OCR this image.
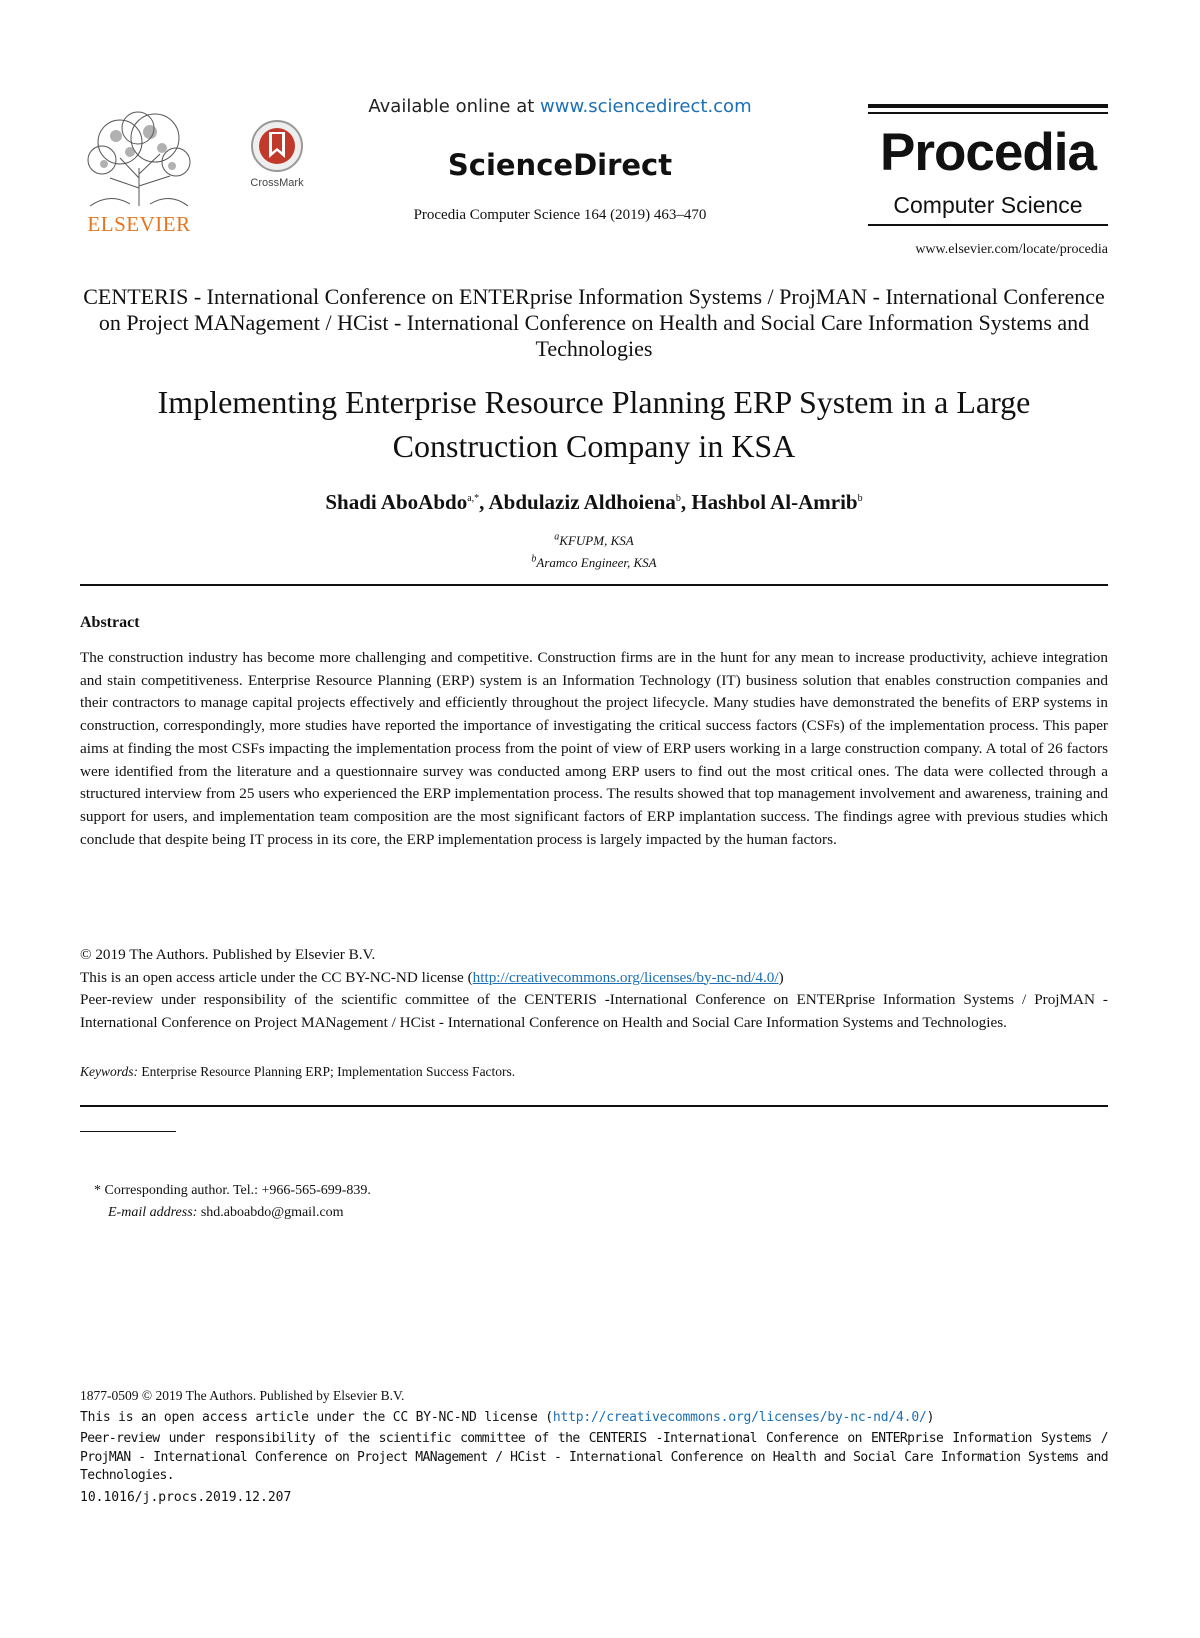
ELSEVIER
CrossMark
Available online at www.sciencedirect.com
ScienceDirect
Procedia Computer Science 164 (2019) 463–470
Procedia
Computer Science
www.elsevier.com/locate/procedia
CENTERIS - International Conference on ENTERprise Information Systems / ProjMAN - International Conference on Project MANagement / HCist - International Conference on Health and Social Care Information Systems and Technologies
Implementing Enterprise Resource Planning ERP System in a Large Construction Company in KSA
Shadi AboAbdo$^{a,*}$, Abdulaziz Aldhoiena$^b$, Hashbol Al-Amrib$^b$
$^a$KFUPM, KSA
$^b$Aramco Engineer, KSA
Abstract
The construction industry has become more challenging and competitive. Construction firms are in the hunt for any mean to increase productivity, achieve integration and stain competitiveness. Enterprise Resource Planning (ERP) system is an Information Technology (IT) business solution that enables construction companies and their contractors to manage capital projects effectively and efficiently throughout the project lifecycle. Many studies have demonstrated the benefits of ERP systems in construction, correspondingly, more studies have reported the importance of investigating the critical success factors (CSFs) of the implementation process. This paper aims at finding the most CSFs impacting the implementation process from the point of view of ERP users working in a large construction company. A total of 26 factors were identified from the literature and a questionnaire survey was conducted among ERP users to find out the most critical ones. The data were collected through a structured interview from 25 users who experienced the ERP implementation process. The results showed that top management involvement and awareness, training and support for users, and implementation team composition are the most significant factors of ERP implantation success. The findings agree with previous studies which conclude that despite being IT process in its core, the ERP implementation process is largely impacted by the human factors.
© 2019 The Authors. Published by Elsevier B.V.
This is an open access article under the CC BY-NC-ND license (http://creativecommons.org/licenses/by-nc-nd/4.0/)
Peer-review under responsibility of the scientific committee of the CENTERIS -International Conference on ENTERprise Information Systems / ProjMAN - International Conference on Project MANagement / HCist - International Conference on Health and Social Care Information Systems and Technologies.
Keywords: Enterprise Resource Planning ERP; Implementation Success Factors.
* Corresponding author. Tel.: +966-565-699-839.
E-mail address: shd.aboabdo@gmail.com
1877-0509 © 2019 The Authors. Published by Elsevier B.V.
This is an open access article under the CC BY-NC-ND license (http://creativecommons.org/licenses/by-nc-nd/4.0/)
Peer-review under responsibility of the scientific committee of the CENTERIS -International Conference on ENTERprise Information Systems / ProjMAN - International Conference on Project MANagement / HCist - International Conference on Health and Social Care Information Systems and Technologies.
10.1016/j.procs.2019.12.207
